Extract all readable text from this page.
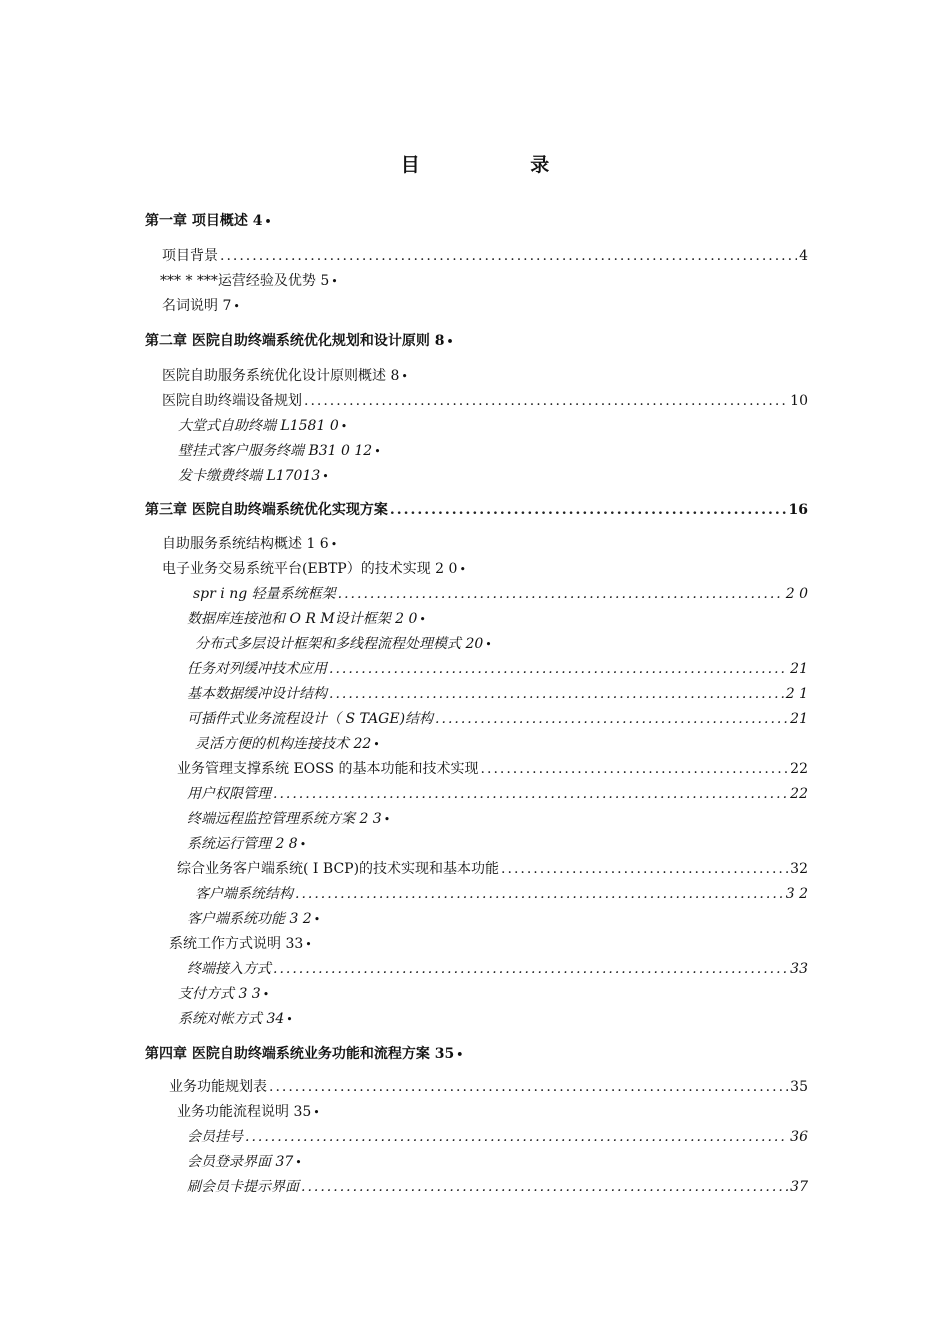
目 录
第一章 项目概述 4 •
项目背景 .....	4
*** * ***运营经验及优势 5 •
名词说明 7 •
第二章 医院自助终端系统优化规划和设计原则 8 •
医院自助服务系统优化设计原则概述 8 •
医院自助终端设备规划 .....	10
大堂式自助终端 L1581 0 •
壁挂式客户服务终端 B31 0 12 •
发卡缴费终端 L17013 •
第三章 医院自助终端系统优化实现方案 .....	16
自助服务系统结构概述 1 6 •
电子业务交易系统平台(EBTP）的技术实现 2 0 •
spr i ng 轻量系统框架 .....	2 0
数据库连接池和 O R M设计框架 2 0 •
分布式多层设计框架和多线程流程处理模式 20 •
任务对列缓冲技术应用 .....	21
基本数据缓冲设计结构 .....	2 1
可插件式业务流程设计（ S TAGE)结构 .....	21
灵活方便的机构连接技术 22 •
业务管理支撑系统 EOSS 的基本功能和技术实现 .....	22
用户权限管理 .....	22
终端远程监控管理系统方案 2 3 •
系统运行管理 2 8 •
综合业务客户端系统( I BCP)的技术实现和基本功能 .....	32
客户端系统结构 .....	3 2
客户端系统功能 3 2 •
系统工作方式说明 33 •
终端接入方式 .....	33
支付方式 3 3 •
系统对帐方式 34 •
第四章 医院自助终端系统业务功能和流程方案 35 •
业务功能规划表 .....	35
业务功能流程说明 35 •
会员挂号 .....	36
会员登录界面 37 •
刷会员卡提示界面 .....	37
